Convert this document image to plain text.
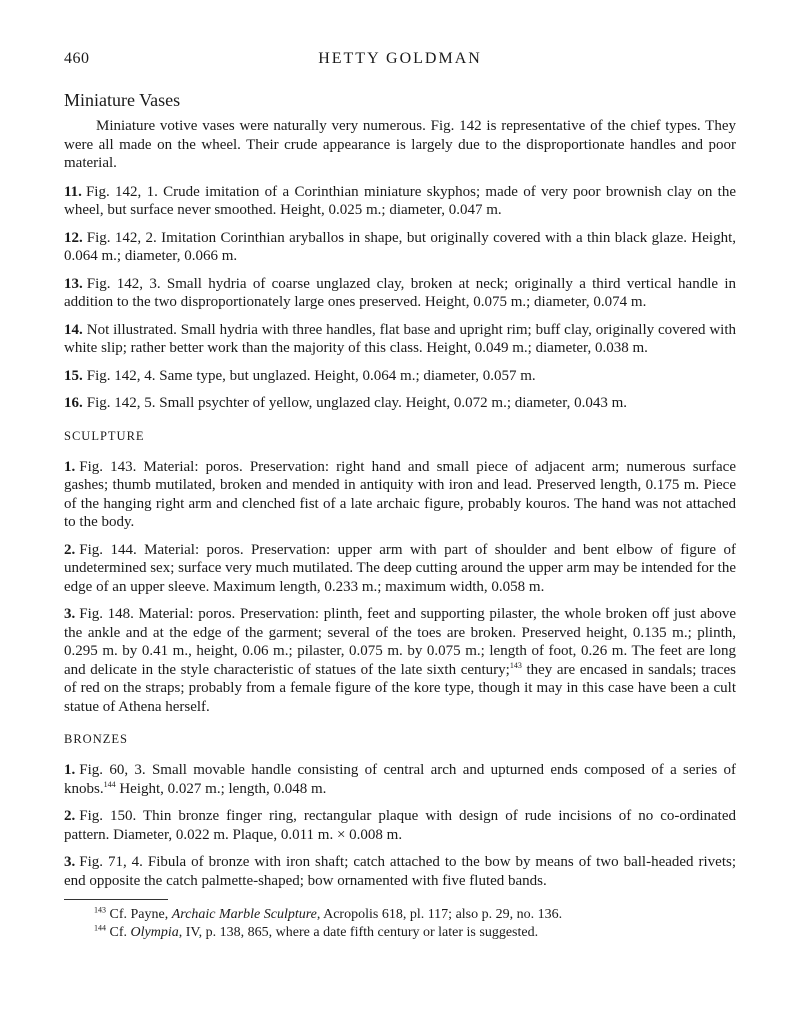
460	HETTY GOLDMAN
Miniature Vases

Miniature votive vases were naturally very numerous. Fig. 142 is representative of the chief types. They were all made on the wheel. Their crude appearance is largely due to the disproportionate handles and poor material.

11. Fig. 142, 1. Crude imitation of a Corinthian miniature skyphos; made of very poor brownish clay on the wheel, but surface never smoothed. Height, 0.025 m.; diameter, 0.047 m.

12. Fig. 142, 2. Imitation Corinthian aryballos in shape, but originally covered with a thin black glaze. Height, 0.064 m.; diameter, 0.066 m.

13. Fig. 142, 3. Small hydria of coarse unglazed clay, broken at neck; originally a third vertical handle in addition to the two disproportionately large ones preserved. Height, 0.075 m.; diameter, 0.074 m.

14. Not illustrated. Small hydria with three handles, flat base and upright rim; buff clay, originally covered with white slip; rather better work than the majority of this class. Height, 0.049 m.; diameter, 0.038 m.

15. Fig. 142, 4. Same type, but unglazed. Height, 0.064 m.; diameter, 0.057 m.

16. Fig. 142, 5. Small psychter of yellow, unglazed clay. Height, 0.072 m.; diameter, 0.043 m.

SCULPTURE

1. Fig. 143. Material: poros. Preservation: right hand and small piece of adjacent arm; numerous surface gashes; thumb mutilated, broken and mended in antiquity with iron and lead. Preserved length, 0.175 m. Piece of the hanging right arm and clenched fist of a late archaic figure, probably kouros. The hand was not attached to the body.

2. Fig. 144. Material: poros. Preservation: upper arm with part of shoulder and bent elbow of figure of undetermined sex; surface very much mutilated. The deep cutting around the upper arm may be intended for the edge of an upper sleeve. Maximum length, 0.233 m.; maximum width, 0.058 m.

3. Fig. 148. Material: poros. Preservation: plinth, feet and supporting pilaster, the whole broken off just above the ankle and at the edge of the garment; several of the toes are broken. Preserved height, 0.135 m.; plinth, 0.295 m. by 0.41 m., height, 0.06 m.; pilaster, 0.075 m. by 0.075 m.; length of foot, 0.26 m. The feet are long and delicate in the style characteristic of statues of the late sixth century;$^{143}$ they are encased in sandals; traces of red on the straps; probably from a female figure of the kore type, though it may in this case have been a cult statue of Athena herself.

BRONZES

1. Fig. 60, 3. Small movable handle consisting of central arch and upturned ends composed of a series of knobs.$^{144}$ Height, 0.027 m.; length, 0.048 m.

2. Fig. 150. Thin bronze finger ring, rectangular plaque with design of rude incisions of no co-ordinated pattern. Diameter, 0.022 m. Plaque, 0.011 m. × 0.008 m.

3. Fig. 71, 4. Fibula of bronze with iron shaft; catch attached to the bow by means of two ball-headed rivets; end opposite the catch palmette-shaped; bow ornamented with five fluted bands.

$^{143}$ Cf. Payne, Archaic Marble Sculpture, Acropolis 618, pl. 117; also p. 29, no. 136.
$^{144}$ Cf. Olympia, IV, p. 138, 865, where a date fifth century or later is suggested.
